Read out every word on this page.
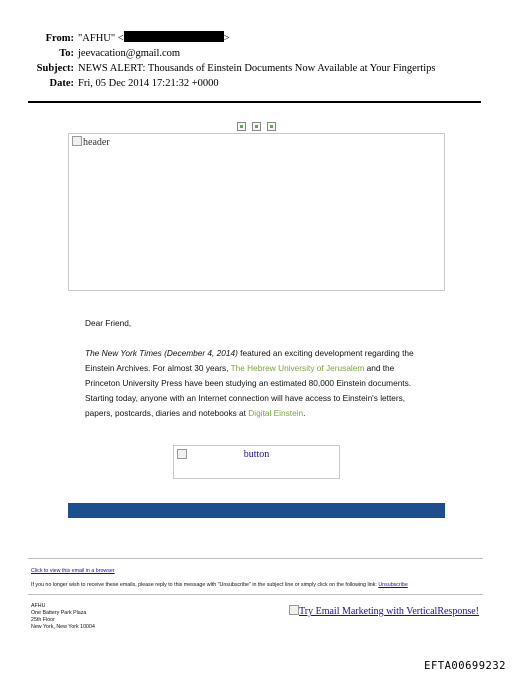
From: "AFHU" <	>
To: jeevacation@gmail.com
Subject: NEWS ALERT: Thousands of Einstein Documents Now Available at Your Fingertips
Date: Fri, 05 Dec 2014 17:21:32 +0000
header
Dear Friend,
The New York Times (December 4, 2014) featured an exciting development regarding the Einstein Archives. For almost 30 years, The Hebrew University of Jerusalem and the Princeton University Press have been studying an estimated 80,000 Einstein documents. Starting today, anyone with an Internet connection will have access to Einstein's letters, papers, postcards, diaries and notebooks at Digital Einstein.
button
Click to view this email in a browser
If you no longer wish to receive these emails, please reply to this message with "Unsubscribe" in the subject line or simply click on the following link: Unsubscribe
AFHU
One Battery Park Plaza
25th Floor
New York, New York 10004
Try Email Marketing with VerticalResponse!
EFTA00699232
